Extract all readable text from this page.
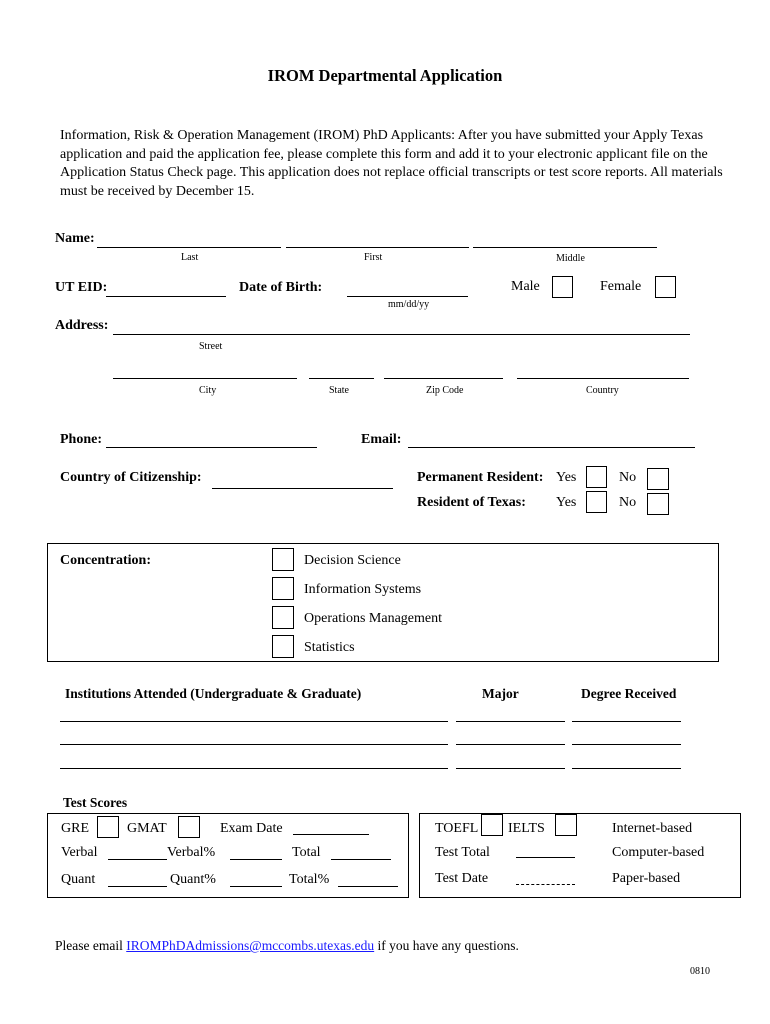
IROM Departmental Application
Information, Risk & Operation Management (IROM) PhD Applicants: After you have submitted your Apply Texas application and paid the application fee, please complete this form and add it to your electronic applicant file on the Application Status Check page. This application does not replace official transcripts or test score reports. All materials must be received by December 15.
Name:
Last	First	Middle
UT EID:	Date of Birth:
mm/dd/yy
Male	Female
Address:
Street
City	State	Zip Code	Country
Phone:	Email:
Country of Citizenship:	Permanent Resident: Yes	No
Resident of Texas: Yes	No
Concentration:	Decision Science
Information Systems
Operations Management
Statistics
Institutions Attended (Undergraduate & Graduate)	Major	Degree Received
Test Scores
GRE	GMAT	Exam Date
Verbal	Verbal%	Total
Quant	Quant%	Total%
TOEFL IELTS	Internet-based
Test Total	Computer-based
Test Date	Paper-based
Please email IROMPhDAdmissions@mccombs.utexas.edu if you have any questions.
0810
